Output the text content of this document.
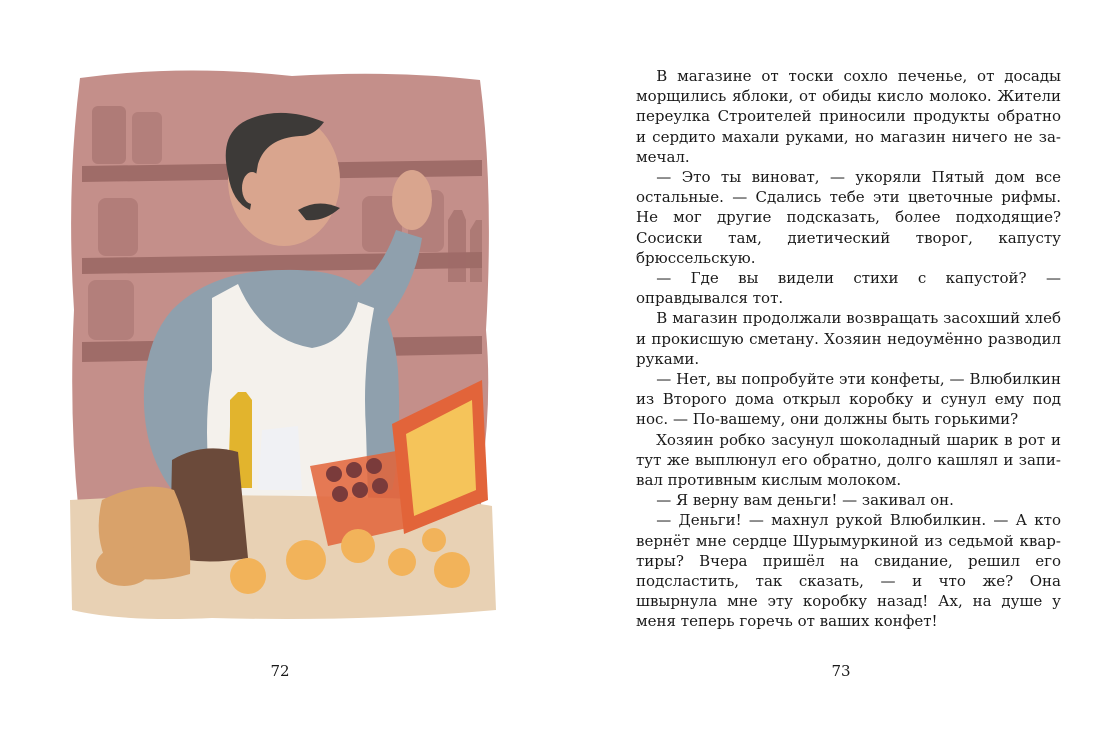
72

В магазине от тоски сохло печенье, от досады морщились яблоки, от обиды кисло молоко. Жители переулка Строителей приносили продукты обратно и сердито махали руками, но магазин ничего не замечал.

— Это ты виноват, — укоряли Пятый дом все остальные. — Сдались тебе эти цветочные рифмы. Не мог другие подсказать, более подходящие? Сосиски там, диетический творог, капусту брюссельскую.

— Где вы видели стихи с капустой? — оправдывался тот.

В магазин продолжали возвращать засохший хлеб и прокисшую сметану. Хозяин недоумённо разводил руками.

— Нет, вы попробуйте эти конфеты, — Влюбилкин из Второго дома открыл коробку и сунул ему под нос. — По-вашему, они должны быть горькими?

Хозяин робко засунул шоколадный шарик в рот и тут же выплюнул его обратно, долго кашлял и запивал противным кислым молоком.

— Я верну вам деньги! — закивал он.

— Деньги! — махнул рукой Влюбилкин. — А кто вернёт мне сердце Шурымуркиной из седьмой квартиры? Вчера пришёл на свидание, решил его подсластить, так сказать, — и что же? Она швырнула мне эту коробку назад! Ах, на душе у меня теперь горечь от ваших конфет!

73
